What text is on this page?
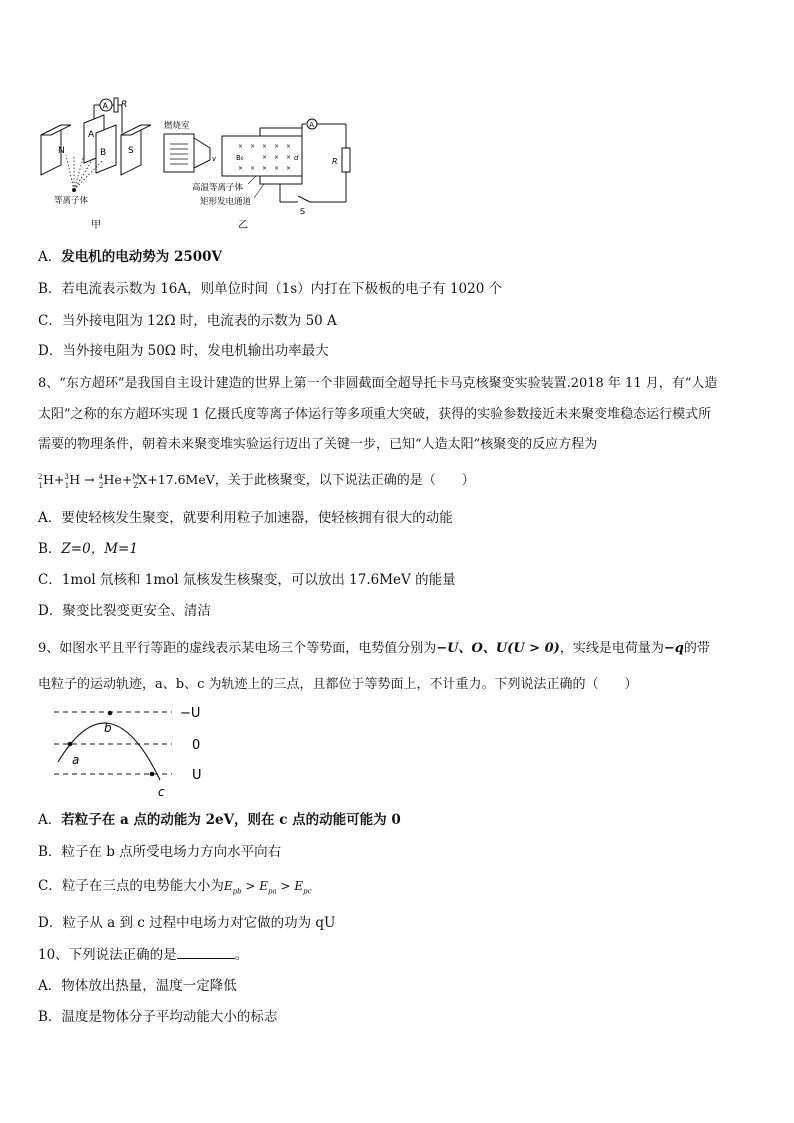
A R
N
A
B S
等离子体
甲
燃烧室
v
× × × × ×
× × ×
× × × × ×
B₀	d
A
R
S
高温等离子体
矩形发电通道
乙
A．发电机的电动势为 2500V
B．若电流表示数为 16A，则单位时间（1s）内打在下极板的电子有 1020 个
C．当外接电阻为 12Ω 时，电流表的示数为 50 A
D．当外接电阻为 50Ω 时，发电机输出功率最大
8、“东方超环”是我国自主设计建造的世界上第一个非圆截面全超导托卡马克核聚变实验装置.2018 年 11 月，有“人造
太阳”之称的东方超环实现 1 亿摄氏度等离子体运行等多项重大突破，获得的实验参数接近未来聚变堆稳态运行模式所
需要的物理条件，朝着未来聚变堆实验运行迈出了关键一步，已知“人造太阳”核聚变的反应方程为
$^2_1$H+$^3_1$H → $^4_2$He+$^M_Z$X+17.6MeV，关于此核聚变，以下说法正确的是（　　）
A．要使轻核发生聚变，就要利用粒子加速器，使轻核拥有很大的动能
B．Z=0，M=1
C．1mol 氘核和 1mol 氚核发生核聚变，可以放出 17.6MeV 的能量
D．聚变比裂变更安全、清洁
9、如图水平且平行等距的虚线表示某电场三个等势面，电势值分别为−U、O、U(U > 0)，实线是电荷量为−q的带
电粒子的运动轨迹，a、b、c 为轨迹上的三点，且都位于等势面上，不计重力。下列说法正确的（　　）
a
b
c
−U
0
U
A．若粒子在 a 点的动能为 2eV，则在 c 点的动能可能为 0
B．粒子在 b 点所受电场力方向水平向右
C．粒子在三点的电势能大小为$E_{pb} > E_{pa} > E_{pc}$
D．粒子从 a 到 c 过程中电场力对它做的功为 qU
10、下列说法正确的是	。
A．物体放出热量，温度一定降低
B．温度是物体分子平均动能大小的标志
